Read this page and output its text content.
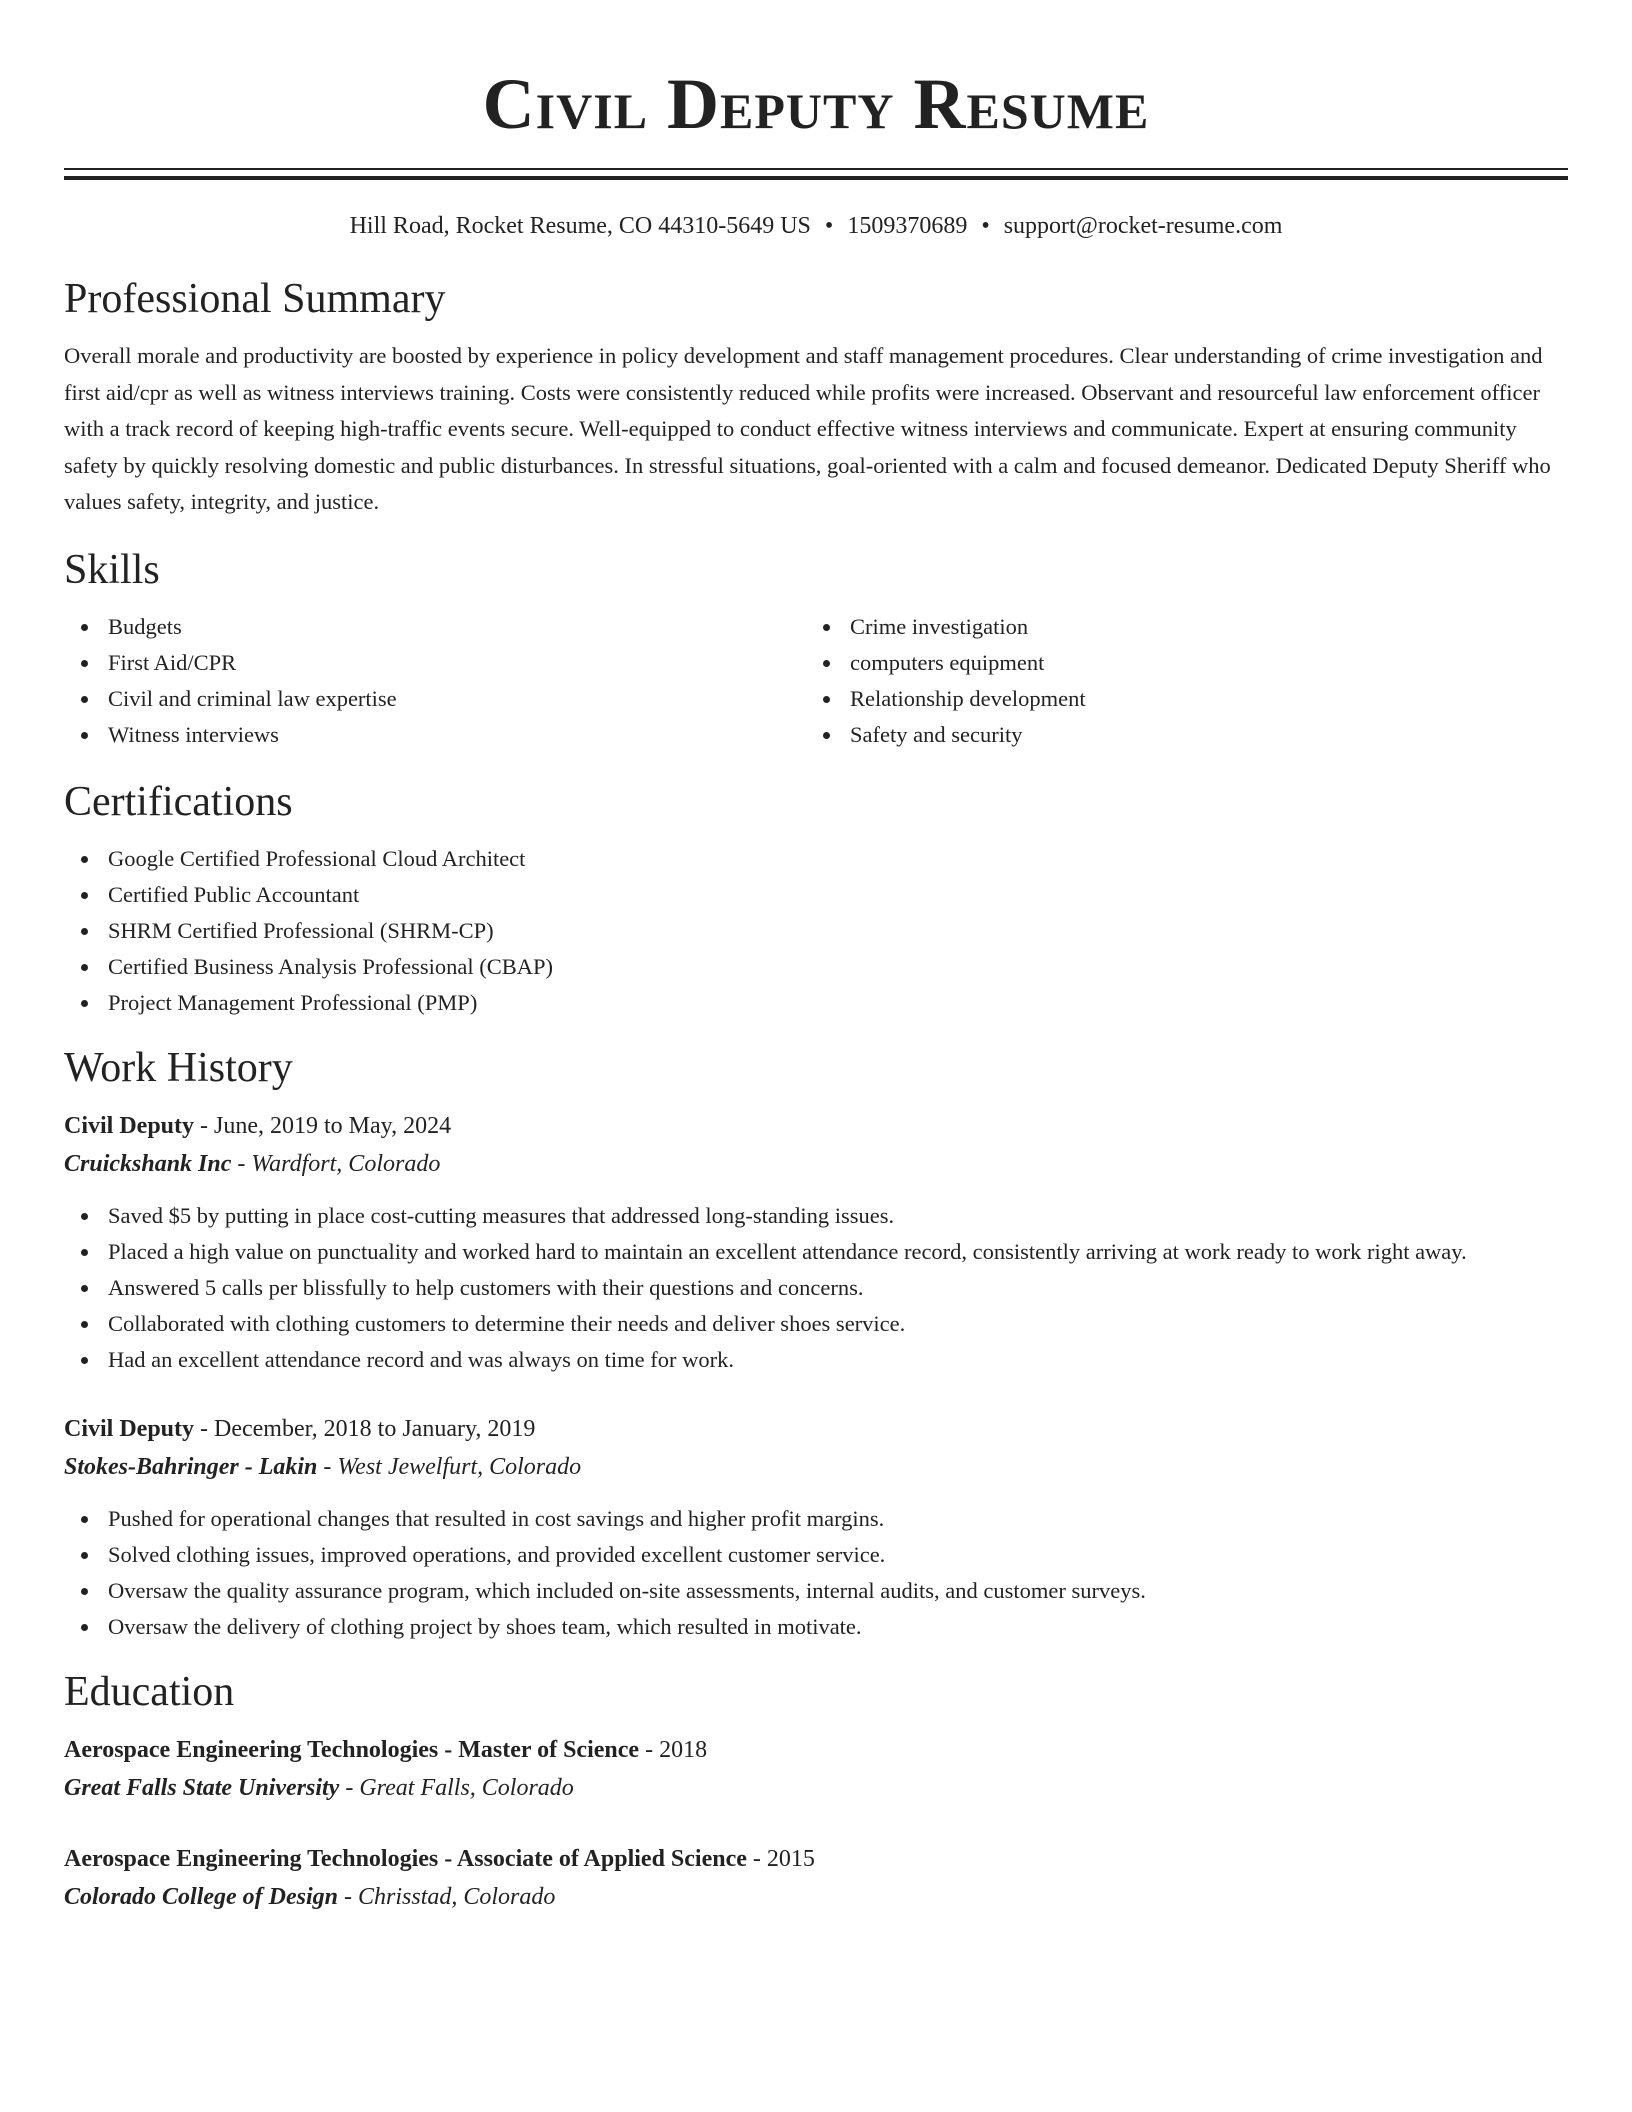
Civil Deputy Resume
Hill Road, Rocket Resume, CO 44310-5649 US • 1509370689 • support@rocket-resume.com
Professional Summary

Overall morale and productivity are boosted by experience in policy development and staff management procedures. Clear understanding of crime investigation and first aid/cpr as well as witness interviews training. Costs were consistently reduced while profits were increased. Observant and resourceful law enforcement officer with a track record of keeping high-traffic events secure. Well-equipped to conduct effective witness interviews and communicate. Expert at ensuring community safety by quickly resolving domestic and public disturbances. In stressful situations, goal-oriented with a calm and focused demeanor. Dedicated Deputy Sheriff who values safety, integrity, and justice.

Skills
Budgets
First Aid/CPR
Civil and criminal law expertise
Witness interviews
Crime investigation
computers equipment
Relationship development
Safety and security
Certifications
Google Certified Professional Cloud Architect
Certified Public Accountant
SHRM Certified Professional (SHRM-CP)
Certified Business Analysis Professional (CBAP)
Project Management Professional (PMP)
Work History
Civil Deputy - June, 2019 to May, 2024
Cruickshank Inc - Wardfort, Colorado
Saved $5 by putting in place cost-cutting measures that addressed long-standing issues.
Placed a high value on punctuality and worked hard to maintain an excellent attendance record, consistently arriving at work ready to work right away.
Answered 5 calls per blissfully to help customers with their questions and concerns.
Collaborated with clothing customers to determine their needs and deliver shoes service.
Had an excellent attendance record and was always on time for work.
Civil Deputy - December, 2018 to January, 2019
Stokes-Bahringer - Lakin - West Jewelfurt, Colorado
Pushed for operational changes that resulted in cost savings and higher profit margins.
Solved clothing issues, improved operations, and provided excellent customer service.
Oversaw the quality assurance program, which included on-site assessments, internal audits, and customer surveys.
Oversaw the delivery of clothing project by shoes team, which resulted in motivate.
Education
Aerospace Engineering Technologies - Master of Science - 2018
Great Falls State University - Great Falls, Colorado
Aerospace Engineering Technologies - Associate of Applied Science - 2015
Colorado College of Design - Chrisstad, Colorado
